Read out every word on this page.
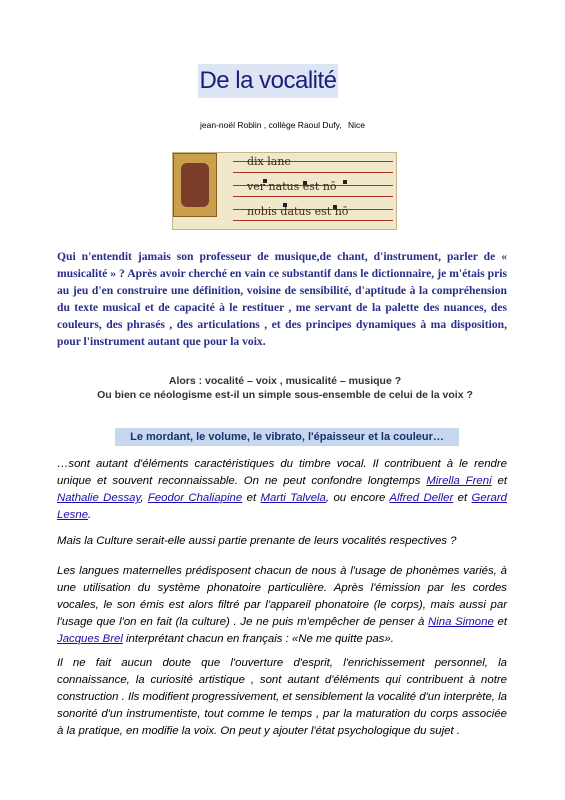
De la vocalité
jean-noël Roblin , collège Raoul Dufy, Nice
dix lane
ver natus est nō
nobis datus est nō
Qui n'entendit jamais son professeur de musique,de chant, d'instrument, parler de « musicalité » ? Après avoir cherché en vain ce substantif dans le dictionnaire, je m'étais pris au jeu d'en construire une définition, voisine de sensibilité, d'aptitude à la compréhension du texte musical et de capacité à le restituer , me servant de la palette des nuances, des couleurs, des phrasés , des articulations , et des principes dynamiques à ma disposition, pour l'instrument autant que pour la voix.
Alors : vocalité – voix , musicalité – musique ?
Ou bien ce néologisme est-il un simple sous-ensemble de celui de la voix ?
Le mordant, le volume, le vibrato, l'épaisseur et la couleur…
…sont autant d'éléments caractéristiques du timbre vocal. Il contribuent à le rendre unique et souvent reconnaissable. On ne peut confondre longtemps Mirella Freni et Nathalie Dessay, Feodor Chaliapine et Marti Talvela, ou encore Alfred Deller et Gerard Lesne.
Mais la Culture serait-elle aussi partie prenante de leurs vocalités respectives ?
Les langues maternelles prédisposent chacun de nous à l'usage de phonèmes variés, à une utilisation du système phonatoire particulière. Après l'émission par les cordes vocales, le son émis est alors filtré par l'appareil phonatoire (le corps), mais aussi par l'usage que l'on en fait (la culture) . Je ne puis m'empêcher de penser à Nina Simone et Jacques Brel interprétant chacun en français : «Ne me quitte pas».
Il ne fait aucun doute que l'ouverture d'esprit, l'enrichissement personnel, la connaissance, la curiosité artistique , sont autant d'éléments qui contribuent à notre construction . Ils modifient progressivement, et sensiblement la vocalité d'un interprète, la sonorité d'un instrumentiste, tout comme le temps , par la maturation du corps associée à la pratique, en modifie la voix. On peut y ajouter l'état psychologique du sujet .
